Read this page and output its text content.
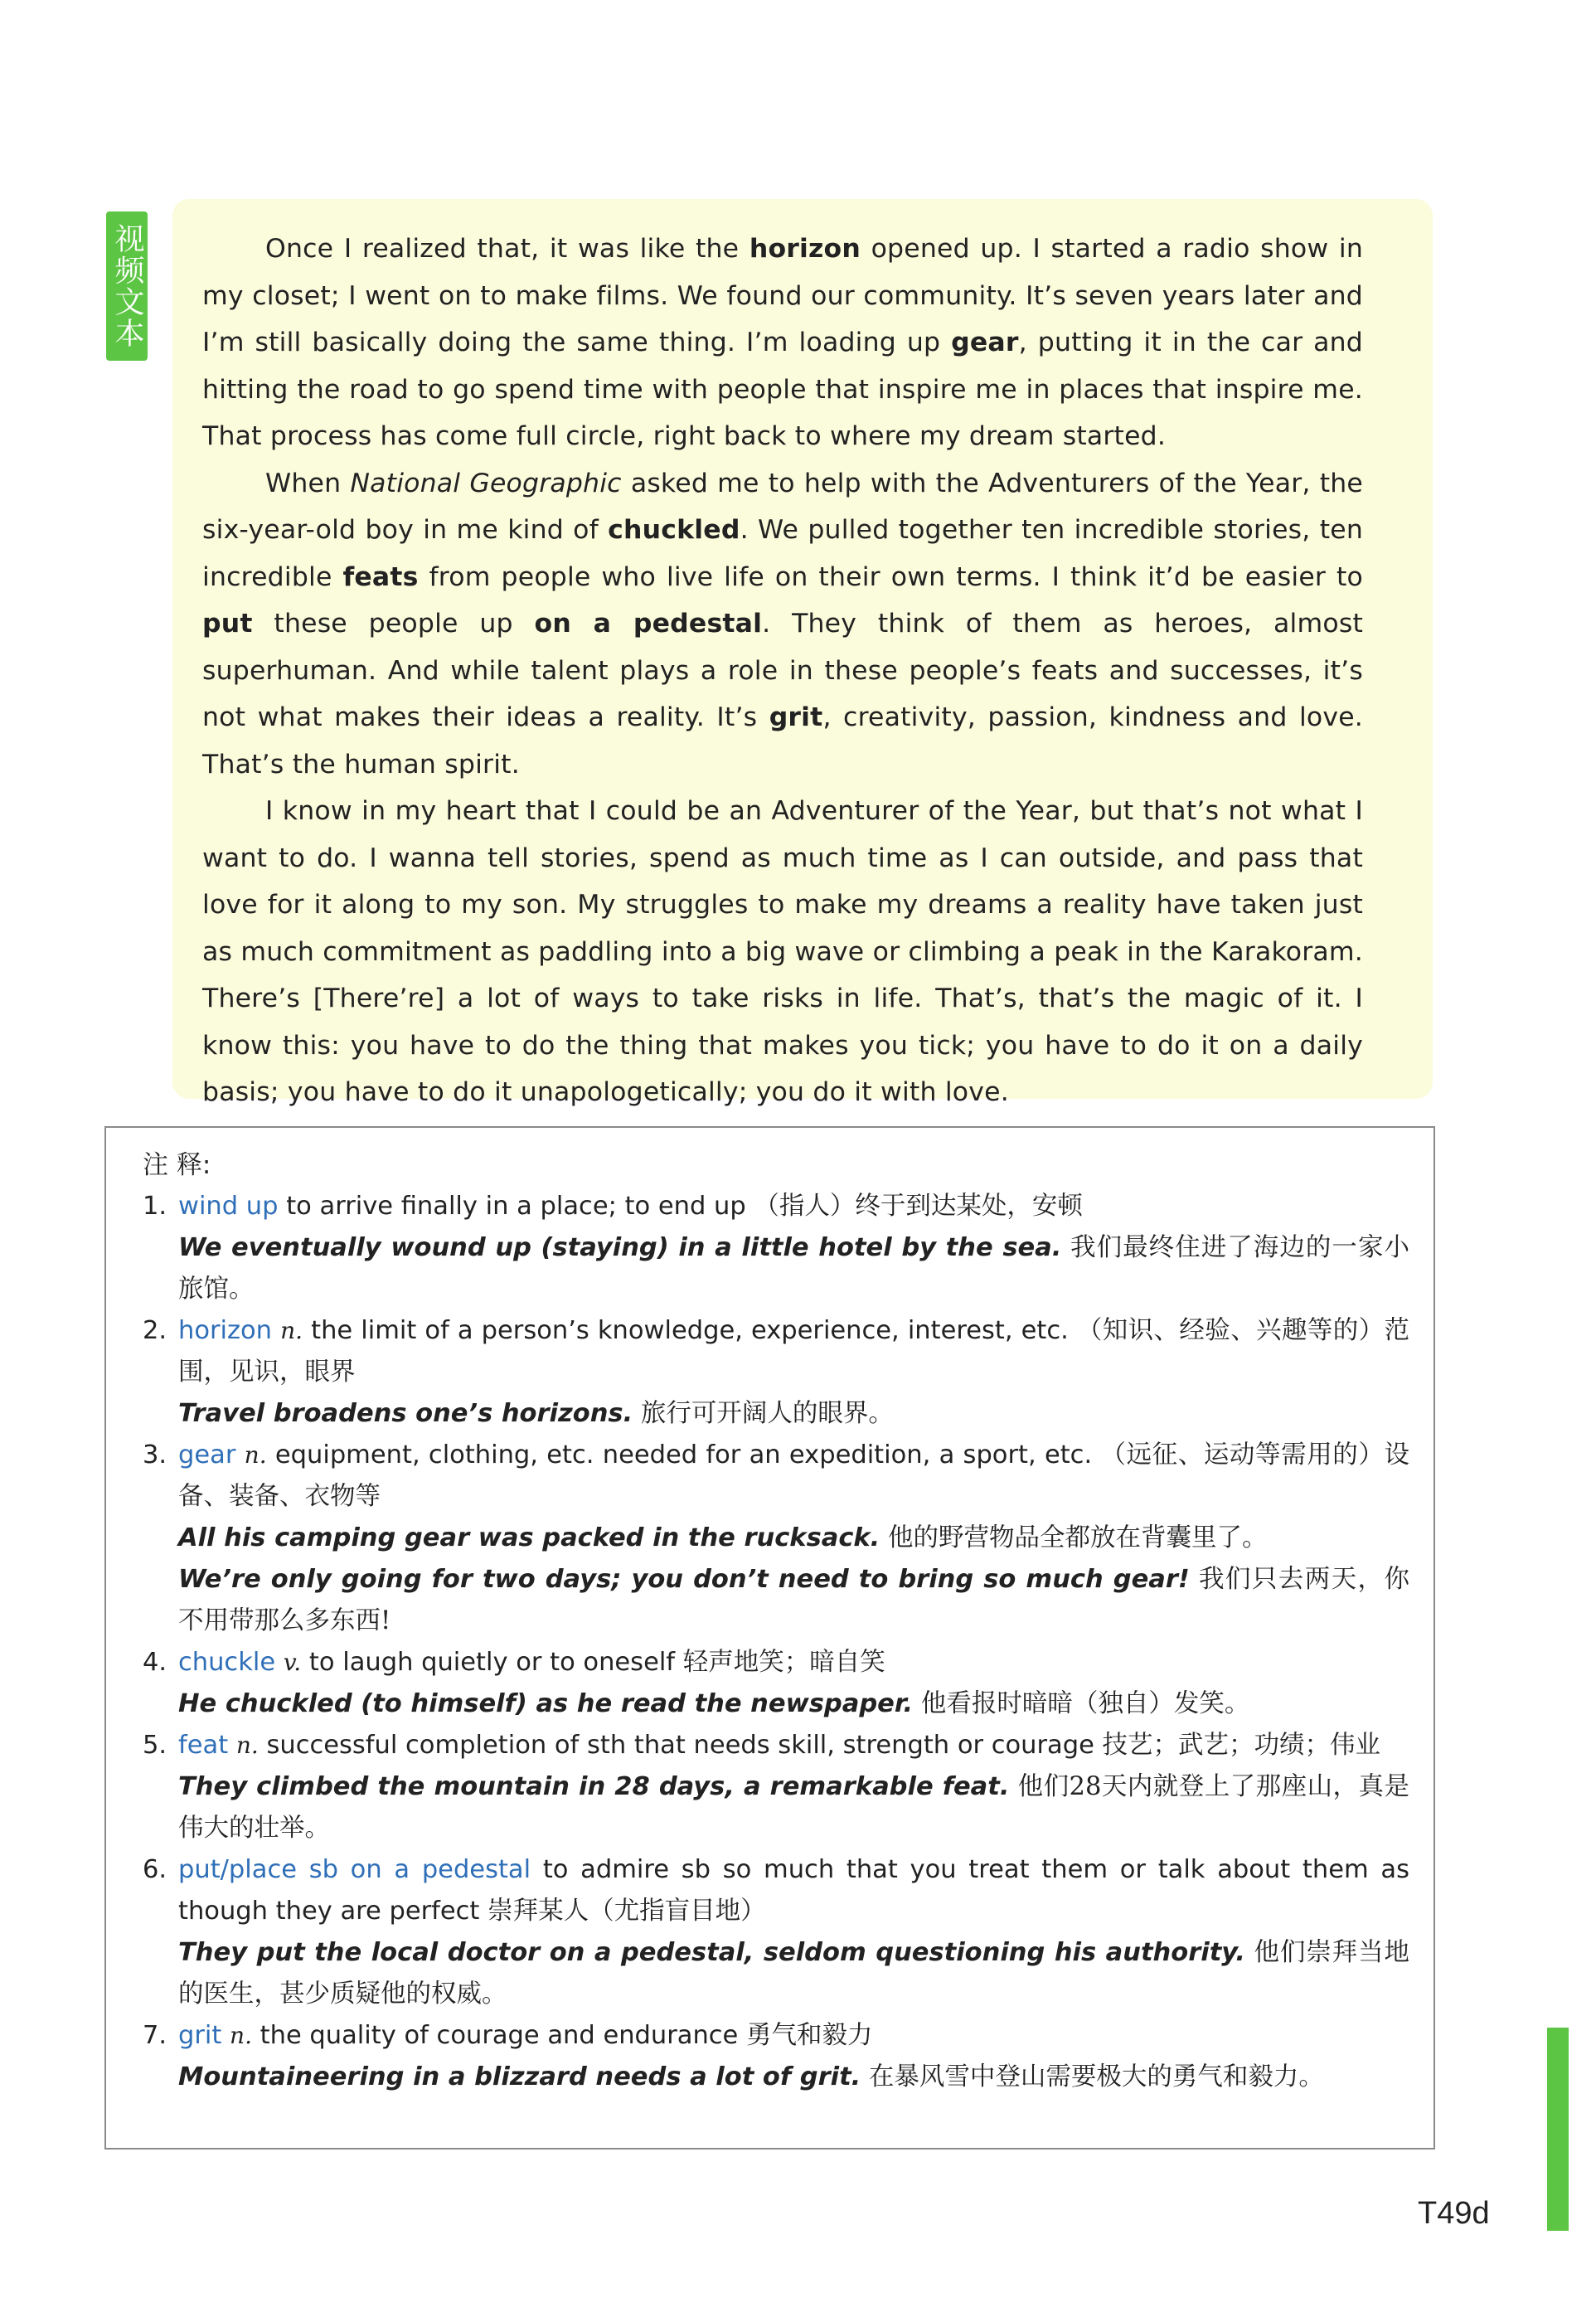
视频文本	Once I realized that, it was like the horizon opened up. I started a radio show in my closet; I went on to make films. We found our community. It’s seven years later and I’m still basically doing the same thing. I’m loading up gear, putting it in the car and hitting the road to go spend time with people that inspire me in places that inspire me. That process has come full circle, right back to where my dream started.

When National Geographic asked me to help with the Adventurers of the Year, the six-year-old boy in me kind of chuckled. We pulled together ten incredible stories, ten incredible feats from people who live life on their own terms. I think it’d be easier to put these people up on a pedestal. They think of them as heroes, almost superhuman. And while talent plays a role in these people’s feats and successes, it’s not what makes their ideas a reality. It’s grit, creativity, passion, kindness and love. That’s the human spirit.

I know in my heart that I could be an Adventurer of the Year, but that’s not what I want to do. I wanna tell stories, spend as much time as I can outside, and pass that love for it along to my son. My struggles to make my dreams a reality have taken just as much commitment as paddling into a big wave or climbing a peak in the Karakoram. There’s [There’re] a lot of ways to take risks in life. That’s, that’s the magic of it. I know this: you have to do the thing that makes you tick; you have to do it on a daily basis; you have to do it unapologetically; you do it with love.

注 释:
1. wind up to arrive finally in a place; to end up （指人）终于到达某处，安顿
We eventually wound up (staying) in a little hotel by the sea. 我们最终住进了海边的一家小旅馆。
2. horizon n. the limit of a person’s knowledge, experience, interest, etc. （知识、经验、兴趣等的）范围，见识，眼界
Travel broadens one’s horizons. 旅行可开阔人的眼界。
3. gear n. equipment, clothing, etc. needed for an expedition, a sport, etc. （远征、运动等需用的）设备、装备、衣物等
All his camping gear was packed in the rucksack. 他的野营物品全都放在背囊里了。
We’re only going for two days; you don’t need to bring so much gear! 我们只去两天，你不用带那么多东西!
4. chuckle v. to laugh quietly or to oneself 轻声地笑；暗自笑
He chuckled (to himself) as he read the newspaper. 他看报时暗暗（独自）发笑。
5. feat n. successful completion of sth that needs skill, strength or courage 技艺；武艺；功绩；伟业
They climbed the mountain in 28 days, a remarkable feat. 他们28天内就登上了那座山，真是伟大的壮举。
6. put/place sb on a pedestal to admire sb so much that you treat them or talk about them as though they are perfect 崇拜某人（尤指盲目地）
They put the local doctor on a pedestal, seldom questioning his authority. 他们崇拜当地的医生，甚少质疑他的权威。
7. grit n. the quality of courage and endurance 勇气和毅力
Mountaineering in a blizzard needs a lot of grit. 在暴风雪中登山需要极大的勇气和毅力。
T49d
